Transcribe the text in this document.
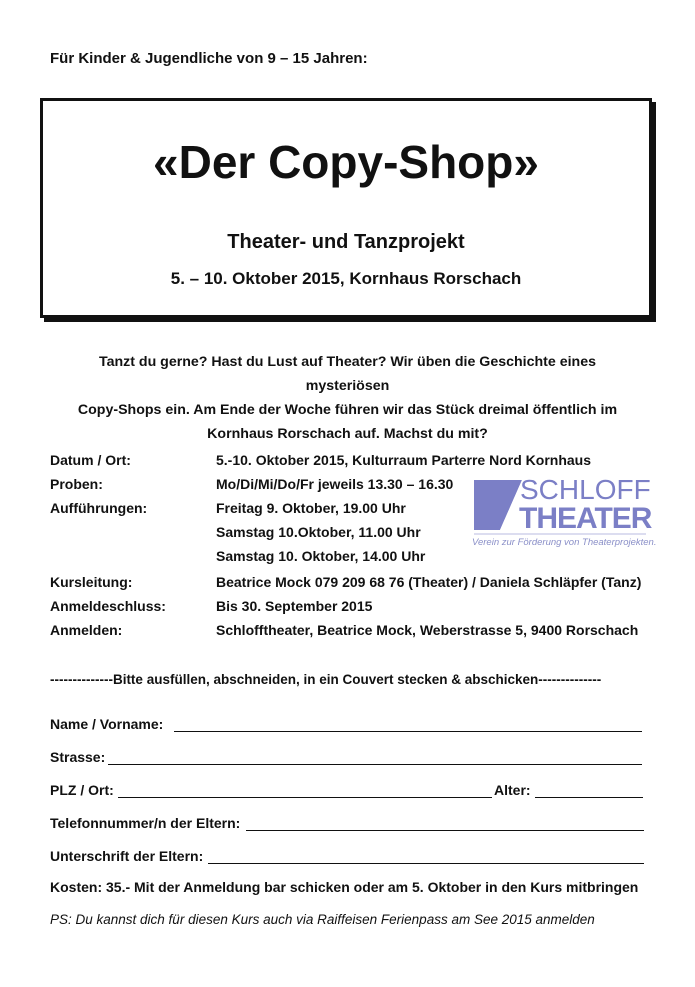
Für Kinder & Jugendliche von 9 – 15 Jahren:
«Der Copy-Shop»
Theater- und Tanzprojekt
5. – 10. Oktober 2015, Kornhaus Rorschach
Tanzt du gerne? Hast du Lust auf Theater? Wir üben die Geschichte eines mysteriösen
Copy-Shops ein. Am Ende der Woche führen wir das Stück dreimal öffentlich im
Kornhaus Rorschach auf. Machst du mit?
Datum / Ort:	5.-10. Oktober 2015, Kulturraum Parterre Nord Kornhaus
Proben:	Mo/Di/Mi/Do/Fr jeweils 13.30 – 16.30
Aufführungen:	Freitag 9. Oktober, 19.00 Uhr
Samstag 10.Oktober, 11.00 Uhr
Samstag 10. Oktober, 14.00 Uhr
Kursleitung:	Beatrice Mock 079 209 68 76 (Theater) / Daniela Schläpfer (Tanz)
Anmeldeschluss:	Bis 30. September 2015
Anmelden:	Schlofftheater, Beatrice Mock, Weberstrasse 5, 9400 Rorschach
SCHLOFF
THEATER
Verein zur Förderung von Theaterprojekten.
--------------Bitte ausfüllen, abschneiden, in ein Couvert stecken & abschicken--------------
Name / Vorname:
Strasse:
PLZ / Ort:	Alter:
Telefonnummer/n der Eltern:
Unterschrift der Eltern:
Kosten: 35.- Mit der Anmeldung bar schicken oder am 5. Oktober in den Kurs mitbringen
PS: Du kannst dich für diesen Kurs auch via Raiffeisen Ferienpass am See 2015 anmelden
